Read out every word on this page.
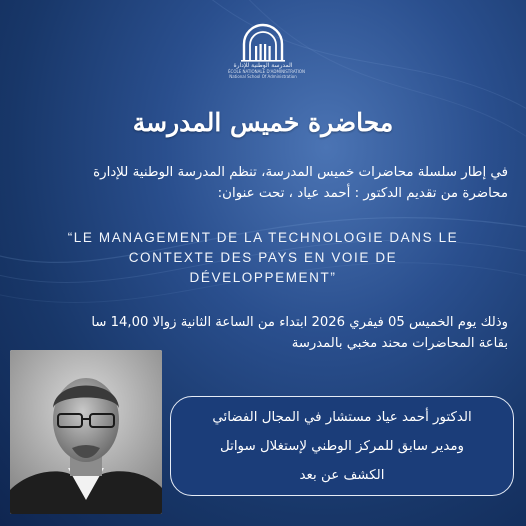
المدرسة الوطنية للإدارة
ÉCOLE NATIONALE D'ADMINISTRATION
National School Of Administration
محاضرة خميس المدرسة
في إطار سلسلة محاضرات خميس المدرسة، تنظم المدرسة الوطنية للإدارة
محاضرة من تقديم الدكتور : أحمد عياد ، تحت عنوان:
“LE MANAGEMENT DE LA TECHNOLOGIE DANS LE
CONTEXTE DES PAYS EN VOIE DE
DÉVELOPPEMENT”
وذلك يوم الخميس 05 فيفري 2026 ابتداء من الساعة الثانية زوالا 14,00 سا
بقاعة المحاضرات محند مخبي بالمدرسة
الدكتور أحمد عياد مستشار في المجال الفضائي
ومدير سابق للمركز الوطني لإستغلال سواتل
الكشف عن بعد
